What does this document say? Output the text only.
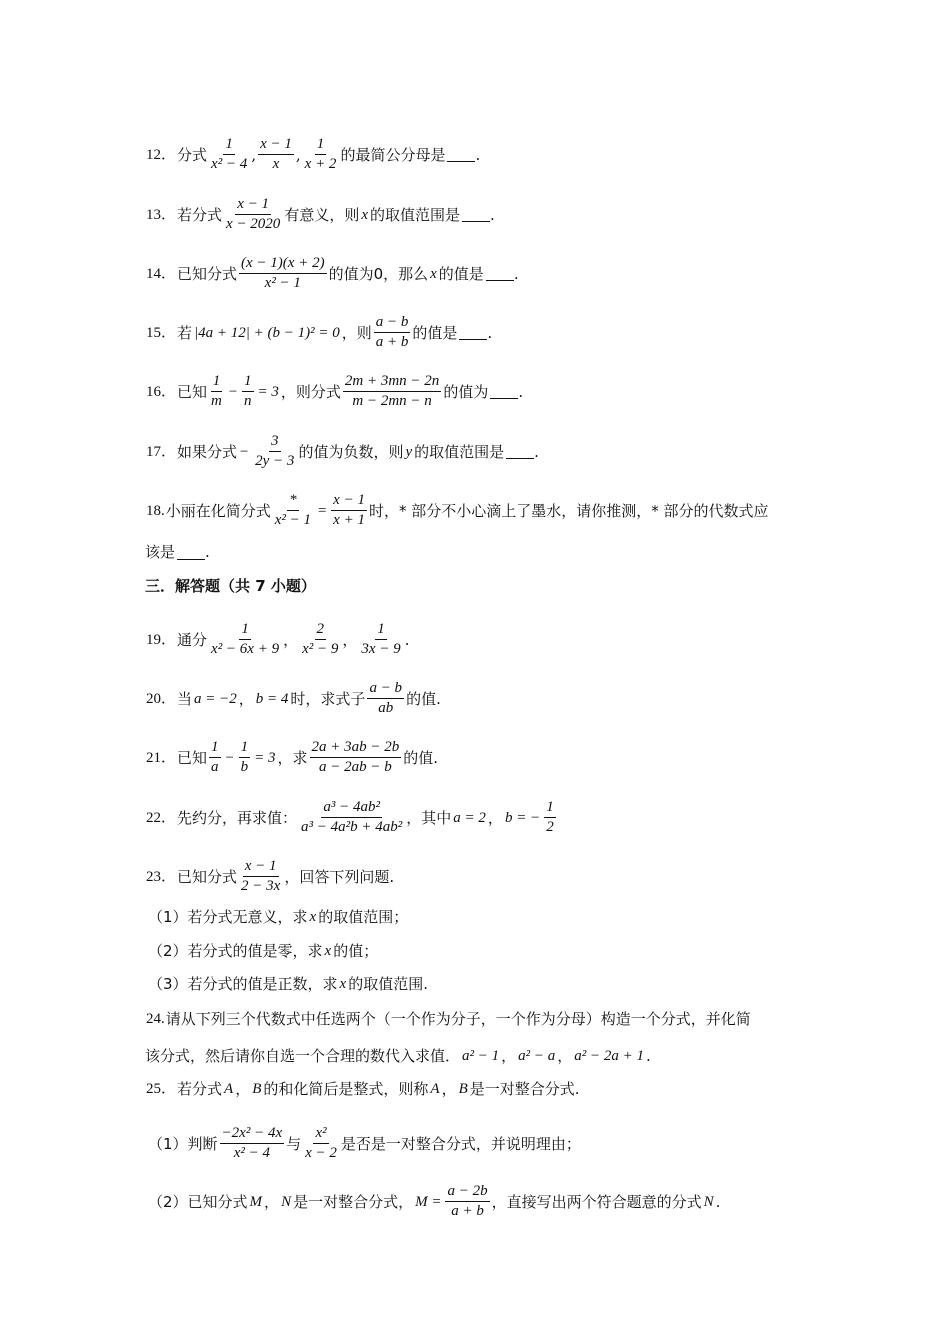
12． 分式 $\frac{1}{\text{x² − 4}}$ , $\frac{x - 1}{x}$ , $\frac{1}{x + 2}$ 的最简公分母是 .
13． 若分式 $\frac{x - 1}{x - 2020}$ 有意义，则 x 的取值范围是 .
14． 已知分式 $\frac{(x - 1)(x + 2)}{\text{x² − 1}}$ 的值为0，那么 x 的值是 .
15． 若 |4a + 12| + (b − 1)² = 0 ，则 $\frac{a - b}{a + b}$ 的值是 .
16． 已知 $\frac{1}{m} - \frac{1}{n} = 3$ ，则分式 $\frac{2m + 3mn - 2n}{m - 2mn - n}$ 的值为 .
17． 如果分式 − $\frac{3}{2y - 3}$ 的值为负数，则 y 的取值范围是 .
18. 小丽在化简分式 $\frac{*}{\text{x² − 1}} = \frac{x - 1}{x + 1}$ 时，* 部分不小心滴上了墨水，请你推测，* 部分的代数式应
该是 .
三．解答题（共 7 小题）
19． 通分 $\frac{1}{\text{x² − 6x + 9}}$ ， $\frac{2}{\text{x² − 9}}$ ， $\frac{1}{3x - 9}$ .
20． 当 a = −2 ， b = 4 时，求式子 $\frac{a - b}{ab}$ 的值.
21． 已知 $\frac{1}{a} - \frac{1}{b} = 3$ ，求 $\frac{2a + 3ab - 2b}{a - 2ab - b}$ 的值.
22． 先约分，再求值： $\frac{\text{a³ − 4ab²}}{\text{a³ − 4a²b + 4ab²}}$ ，其中 a = 2 ， b = − $\frac{1}{2}$
23． 已知分式 $\frac{x - 1}{2 - 3x}$ ，回答下列问题.
（1）若分式无意义，求 x 的取值范围；
（2）若分式的值是零，求 x 的值；
（3）若分式的值是正数，求 x 的取值范围.
24. 请从下列三个代数式中任选两个（一个作为分子，一个作为分母）构造一个分式，并化简
该分式，然后请你自选一个合理的数代入求值． a² − 1 ， a² − a ， a² − 2a + 1 .
25． 若分式 A ， B 的和化简后是整式，则称 A ， B 是一对整合分式.
（1）判断 $\frac{\text{−2x² − 4x}}{\text{x² − 4}}$ 与 $\frac{\text{x²}}{x - 2}$ 是否是一对整合分式，并说明理由；
（2）已知分式 M ， N 是一对整合分式， $M = \frac{a - 2b}{a + b}$ ，直接写出两个符合题意的分式 N .
